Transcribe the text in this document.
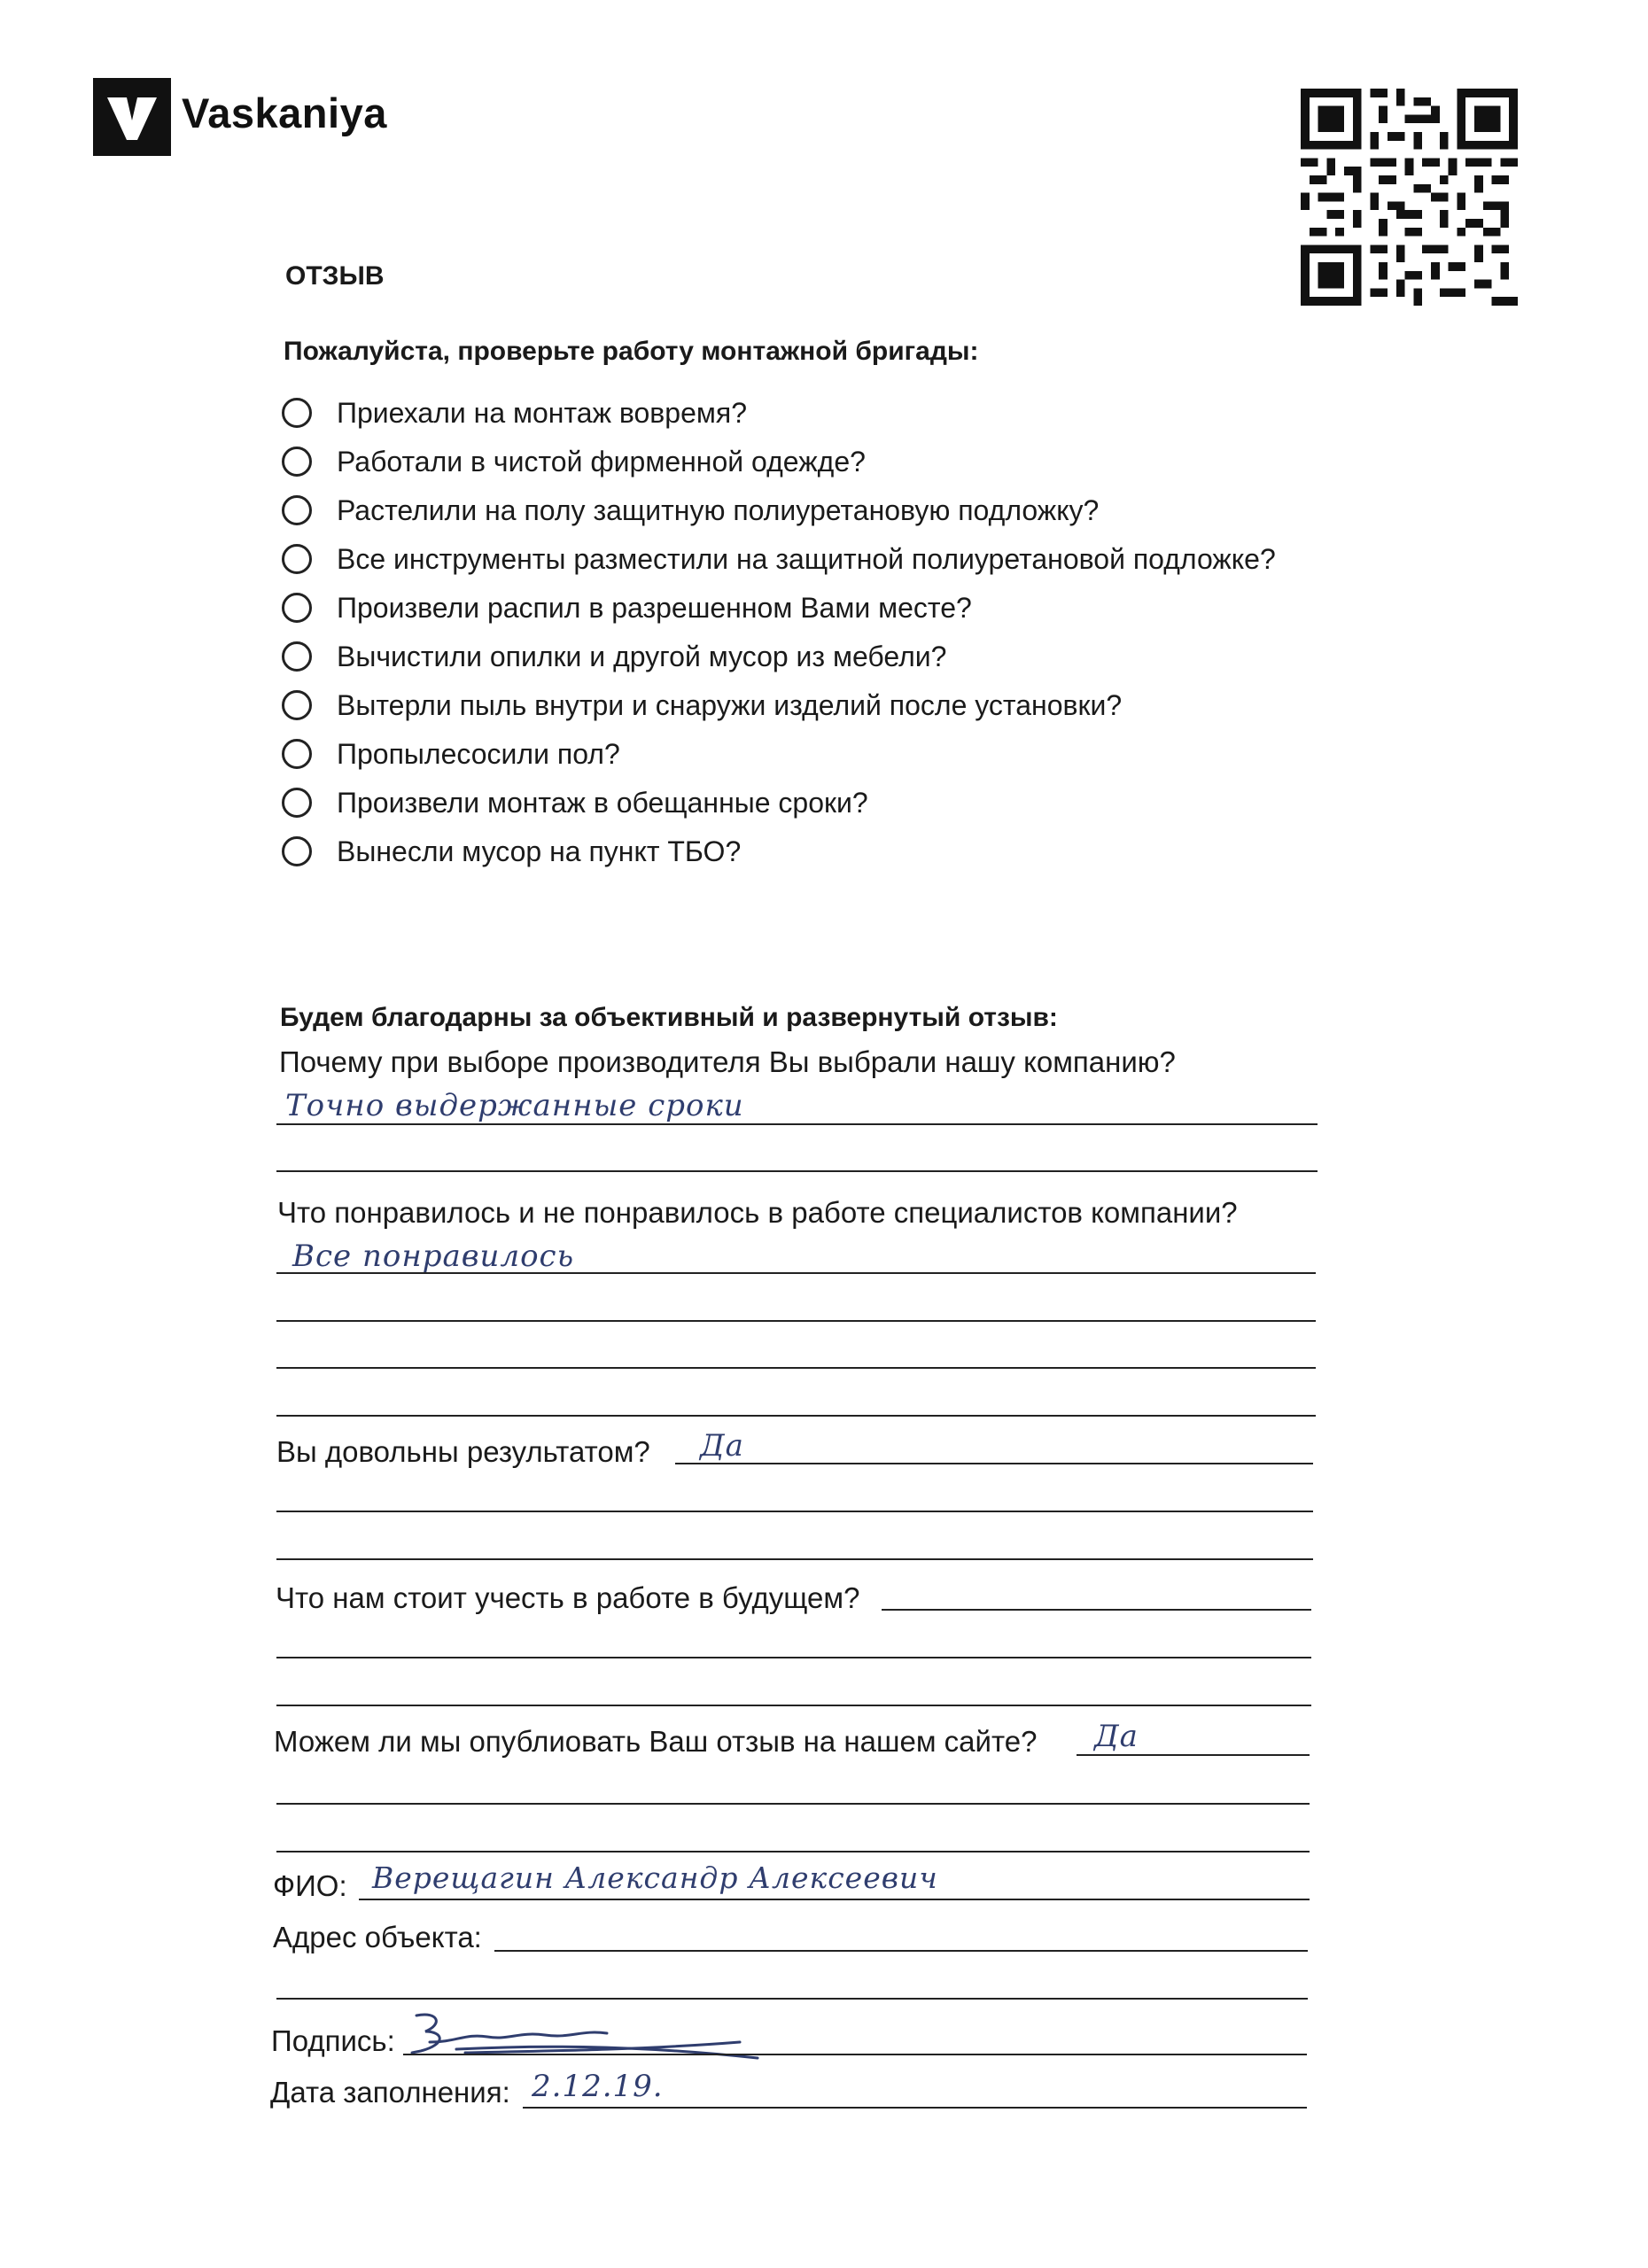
Vaskaniya
ОТЗЫВ
Пожалуйста, проверьте работу монтажной бригады:
Приехали на монтаж вовремя?
Работали в чистой фирменной одежде?
Растелили на полу защитную полиуретановую подложку?
Все инструменты разместили на защитной полиуретановой подложке?
Произвели распил в разрешенном Вами месте?
Вычистили опилки и другой мусор из мебели?
Вытерли пыль внутри и снаружи изделий после установки?
Пропылесосили пол?
Произвели монтаж в обещанные сроки?
Вынесли мусор на пункт ТБО?
Будем благодарны за объективный и развернутый отзыв:
Почему при выборе производителя Вы выбрали нашу компанию?
Точно выдержанные сроки
Что понравилось и не понравилось в работе специалистов компании?
Все понравилось
Вы довольны результатом? Да
Что нам стоит учесть в работе в будущем?
Можем ли мы опублиовать Ваш отзыв на нашем сайте? Да
ФИО: Верещагин Александр Алексеевич
Адрес объекта:
Подпись:
Дата заполнения: 2.12.19.
